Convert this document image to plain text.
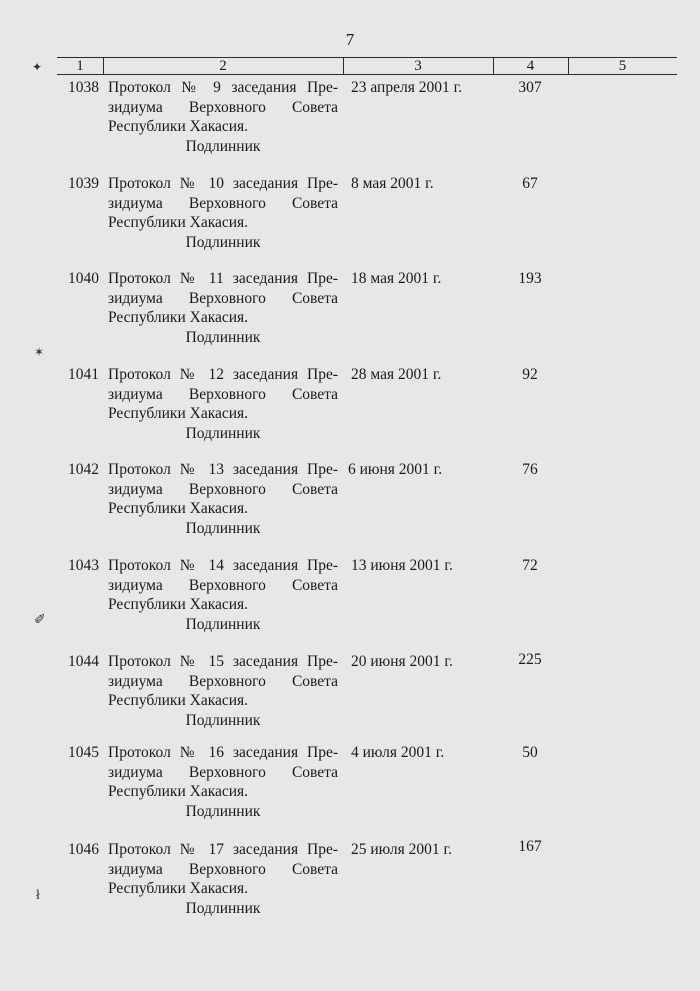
7
1	2	3	4	5
1038 Протокол № 9 заседания Пре-
зидиума Верховного Совета
Республики Хакасия.
Подлинник
23 апреля 2001 г.	307
1039 Протокол № 10 заседания Пре-
зидиума Верховного Совета
Республики Хакасия.
Подлинник
8 мая 2001 г.	67
1040 Протокол № 11 заседания Пре-
зидиума Верховного Совета
Республики Хакасия.
Подлинник
18 мая 2001 г.	193
1041 Протокол № 12 заседания Пре-
зидиума Верховного Совета
Республики Хакасия.
Подлинник
28 мая 2001 г.	92
1042 Протокол № 13 заседания Пре-
зидиума Верховного Совета
Республики Хакасия.
Подлинник
6 июня 2001 г.	76
1043 Протокол № 14 заседания Пре-
зидиума Верховного Совета
Республики Хакасия.
Подлинник
13 июня 2001 г.	72
1044 Протокол № 15 заседания Пре-
зидиума Верховного Совета
Республики Хакасия.
Подлинник
20 июня 2001 г.	225
1045 Протокол № 16 заседания Пре-
зидиума Верховного Совета
Республики Хакасия.
Подлинник
4 июля 2001 г.	50
1046 Протокол № 17 заседания Пре-
зидиума Верховного Совета
Республики Хакасия.
Подлинник
25 июля 2001 г.	167
✦
✶
✐
ł
